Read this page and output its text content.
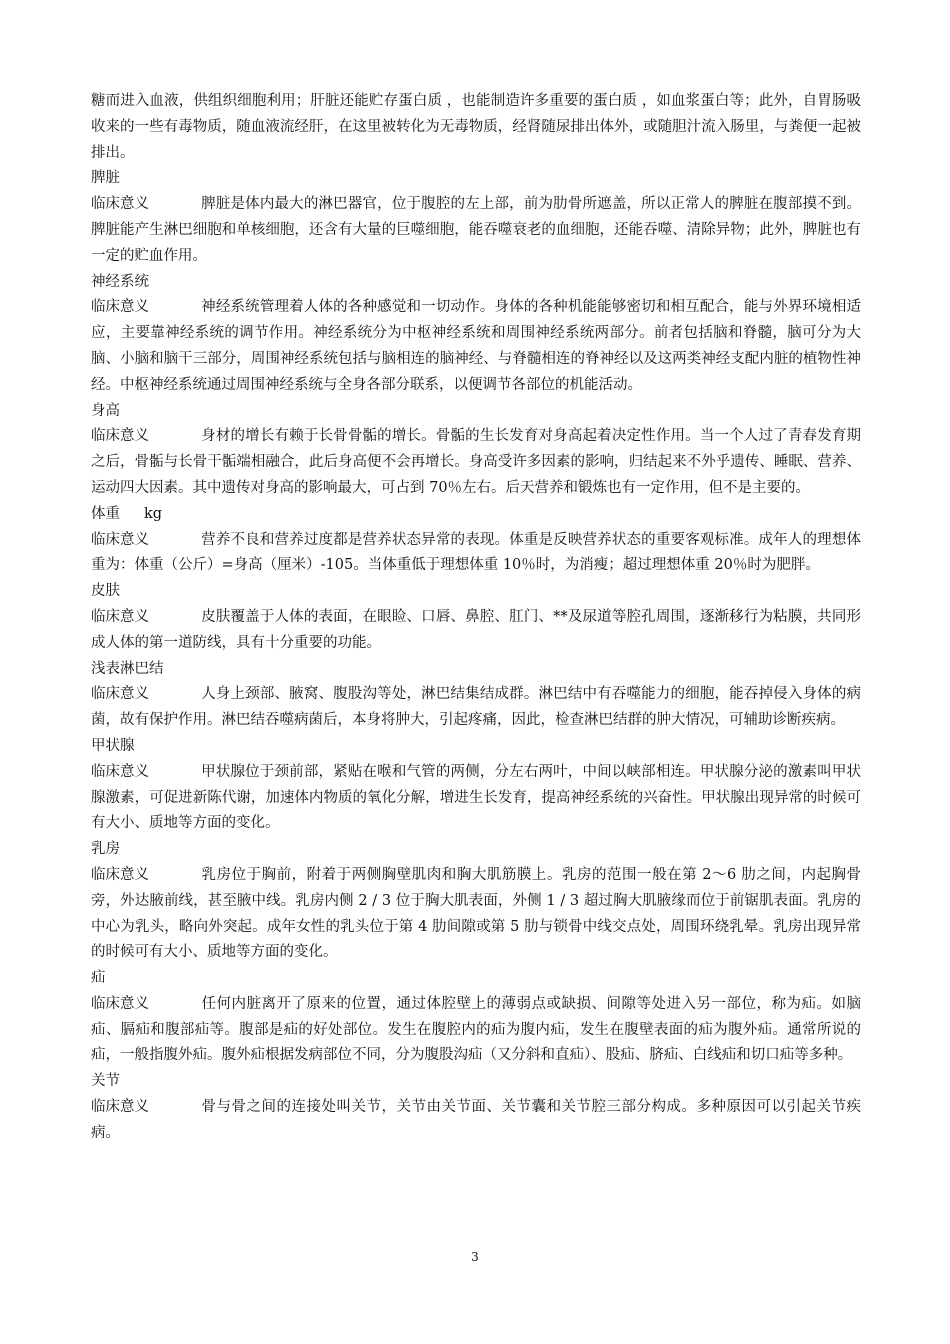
糖而进入血液，供组织细胞利用；肝脏还能贮存蛋白质 ，也能制造许多重要的蛋白质 ，如血浆蛋白等；此外，自胃肠吸收来的一些有毒物质，随血液流经肝，在这里被转化为无毒物质，经肾随尿排出体外，或随胆汁流入肠里，与粪便一起被排出。

脾脏

临床意义	脾脏是体内最大的淋巴器官，位于腹腔的左上部，前为肋骨所遮盖，所以正常人的脾脏在腹部摸不到。脾脏能产生淋巴细胞和单核细胞，还含有大量的巨噬细胞，能吞噬衰老的血细胞，还能吞噬、清除异物；此外，脾脏也有一定的贮血作用。

神经系统

临床意义	神经系统管理着人体的各种感觉和一切动作。身体的各种机能能够密切和相互配合，能与外界环境相适应，主要靠神经系统的调节作用。神经系统分为中枢神经系统和周围神经系统两部分。前者包括脑和脊髓，脑可分为大脑、小脑和脑干三部分，周围神经系统包括与脑相连的脑神经、与脊髓相连的脊神经以及这两类神经支配内脏的植物性神经。中枢神经系统通过周围神经系统与全身各部分联系，以便调节各部位的机能活动。

身高

临床意义	身材的增长有赖于长骨骨骺的增长。骨骺的生长发育对身高起着决定性作用。当一个人过了青春发育期之后，骨骺与长骨干骺端相融合，此后身高便不会再增长。身高受许多因素的影响，归结起来不外乎遗传、睡眠、营养、运动四大因素。其中遗传对身高的影响最大，可占到 70％左右。后天营养和锻炼也有一定作用，但不是主要的。

体重 kg

临床意义	营养不良和营养过度都是营养状态异常的表现。体重是反映营养状态的重要客观标准。成年人的理想体重为：体重（公斤）=身高（厘米）-105。当体重低于理想体重 10％时，为消瘦；超过理想体重 20％时为肥胖。

皮肤

临床意义	皮肤覆盖于人体的表面，在眼睑、口唇、鼻腔、肛门、**及尿道等腔孔周围，逐渐移行为粘膜，共同形成人体的第一道防线，具有十分重要的功能。

浅表淋巴结

临床意义	人身上颈部、腋窝、腹股沟等处，淋巴结集结成群。淋巴结中有吞噬能力的细胞，能吞掉侵入身体的病菌，故有保护作用。淋巴结吞噬病菌后，本身将肿大，引起疼痛，因此，检查淋巴结群的肿大情况，可辅助诊断疾病。

甲状腺

临床意义	甲状腺位于颈前部，紧贴在喉和气管的两侧，分左右两叶，中间以峡部相连。甲状腺分泌的激素叫甲状腺激素，可促进新陈代谢，加速体内物质的氧化分解，增进生长发育，提高神经系统的兴奋性。甲状腺出现异常的时候可有大小、质地等方面的变化。

乳房

临床意义	乳房位于胸前，附着于两侧胸壁肌肉和胸大肌筋膜上。乳房的范围一般在第 2～6 肋之间，内起胸骨旁，外达腋前线，甚至腋中线。乳房内侧 2 / 3 位于胸大肌表面，外侧 1 / 3 超过胸大肌腋缘而位于前锯肌表面。乳房的中心为乳头，略向外突起。成年女性的乳头位于第 4 肋间隙或第 5 肋与锁骨中线交点处，周围环绕乳晕。乳房出现异常的时候可有大小、质地等方面的变化。

疝

临床意义	任何内脏离开了原来的位置，通过体腔壁上的薄弱点或缺损、间隙等处进入另一部位，称为疝。如脑疝、膈疝和腹部疝等。腹部是疝的好处部位。发生在腹腔内的疝为腹内疝，发生在腹壁表面的疝为腹外疝。通常所说的疝，一般指腹外疝。腹外疝根据发病部位不同，分为腹股沟疝（又分斜和直疝）、股疝、脐疝、白线疝和切口疝等多种。

关节

临床意义	骨与骨之间的连接处叫关节，关节由关节面、关节囊和关节腔三部分构成。多种原因可以引起关节疾病。

3
